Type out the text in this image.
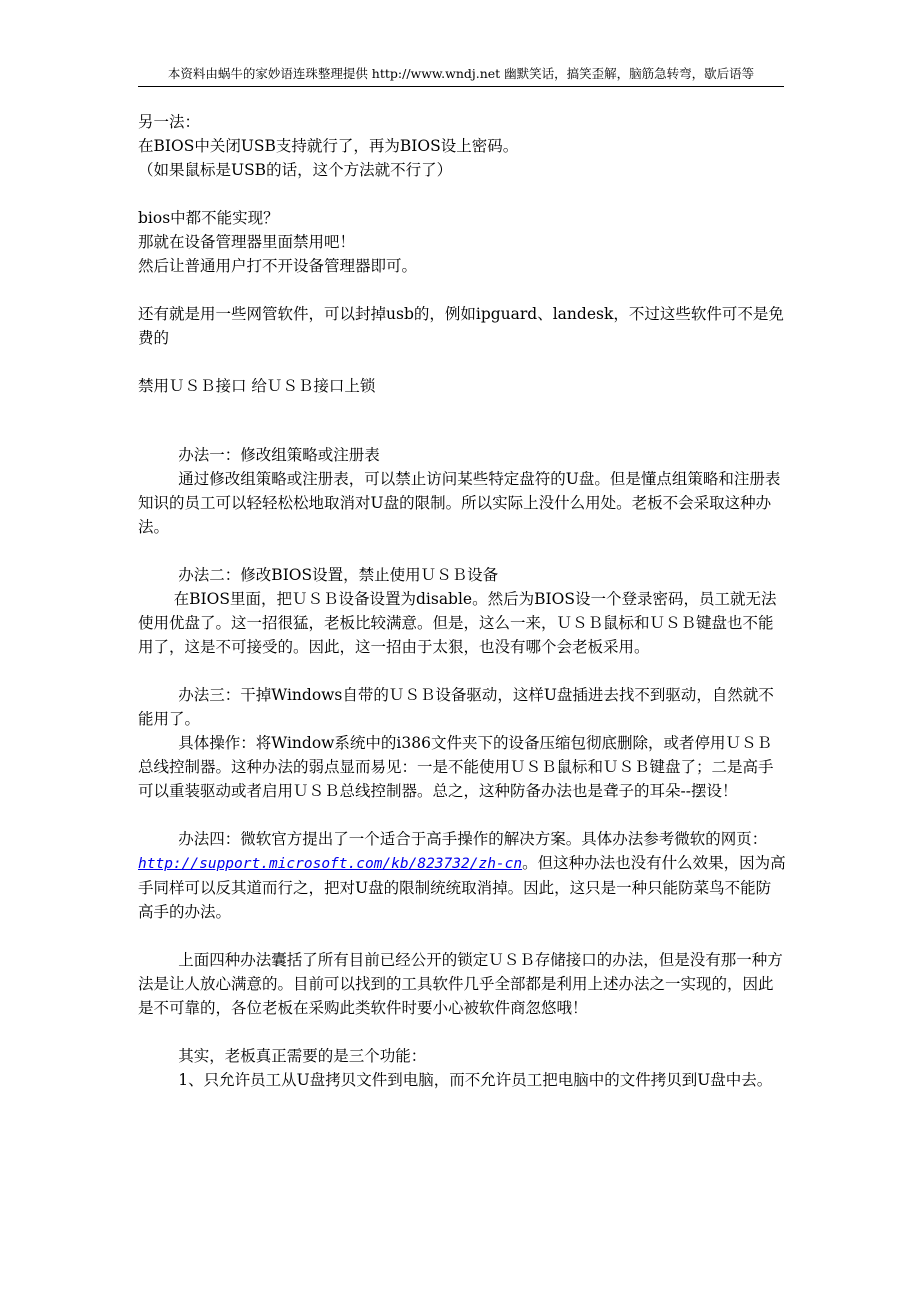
本资料由蜗牛的家妙语连珠整理提供 http://www.wndj.net 幽默笑话，搞笑歪解，脑筋急转弯，歇后语等

另一法：

在BIOS中关闭USB支持就行了，再为BIOS设上密码。

（如果鼠标是USB的话，这个方法就不行了）

bios中都不能实现？

那就在设备管理器里面禁用吧！

然后让普通用户打不开设备管理器即可。

还有就是用一些网管软件，可以封掉usb的，例如ipguard、landesk，不过这些软件可不是免费的

禁用ＵＳＢ接口 给ＵＳＢ接口上锁

办法一：修改组策略或注册表

通过修改组策略或注册表，可以禁止访问某些特定盘符的U盘。但是懂点组策略和注册表知识的员工可以轻轻松松地取消对U盘的限制。所以实际上没什么用处。老板不会采取这种办法。

办法二：修改BIOS设置，禁止使用ＵＳＢ设备

在BIOS里面，把ＵＳＢ设备设置为disable。然后为BIOS设一个登录密码，员工就无法使用优盘了。这一招很猛，老板比较满意。但是，这么一来，ＵＳＢ鼠标和ＵＳＢ键盘也不能用了，这是不可接受的。因此，这一招由于太狠，也没有哪个会老板采用。

办法三：干掉Windows自带的ＵＳＢ设备驱动，这样U盘插进去找不到驱动，自然就不能用了。

具体操作：将Window系统中的i386文件夹下的设备压缩包彻底删除，或者停用ＵＳＢ总线控制器。这种办法的弱点显而易见：一是不能使用ＵＳＢ鼠标和ＵＳＢ键盘了；二是高手可以重装驱动或者启用ＵＳＢ总线控制器。总之，这种防备办法也是聋子的耳朵--摆设！

办法四：微软官方提出了一个适合于高手操作的解决方案。具体办法参考微软的网页：http://support.microsoft.com/kb/823732/zh-cn。但这种办法也没有什么效果，因为高手同样可以反其道而行之，把对U盘的限制统统取消掉。因此，这只是一种只能防菜鸟不能防高手的办法。

上面四种办法囊括了所有目前已经公开的锁定ＵＳＢ存储接口的办法，但是没有那一种方法是让人放心满意的。目前可以找到的工具软件几乎全部都是利用上述办法之一实现的，因此是不可靠的，各位老板在采购此类软件时要小心被软件商忽悠哦！

其实，老板真正需要的是三个功能：

1、只允许员工从U盘拷贝文件到电脑，而不允许员工把电脑中的文件拷贝到U盘中去。
